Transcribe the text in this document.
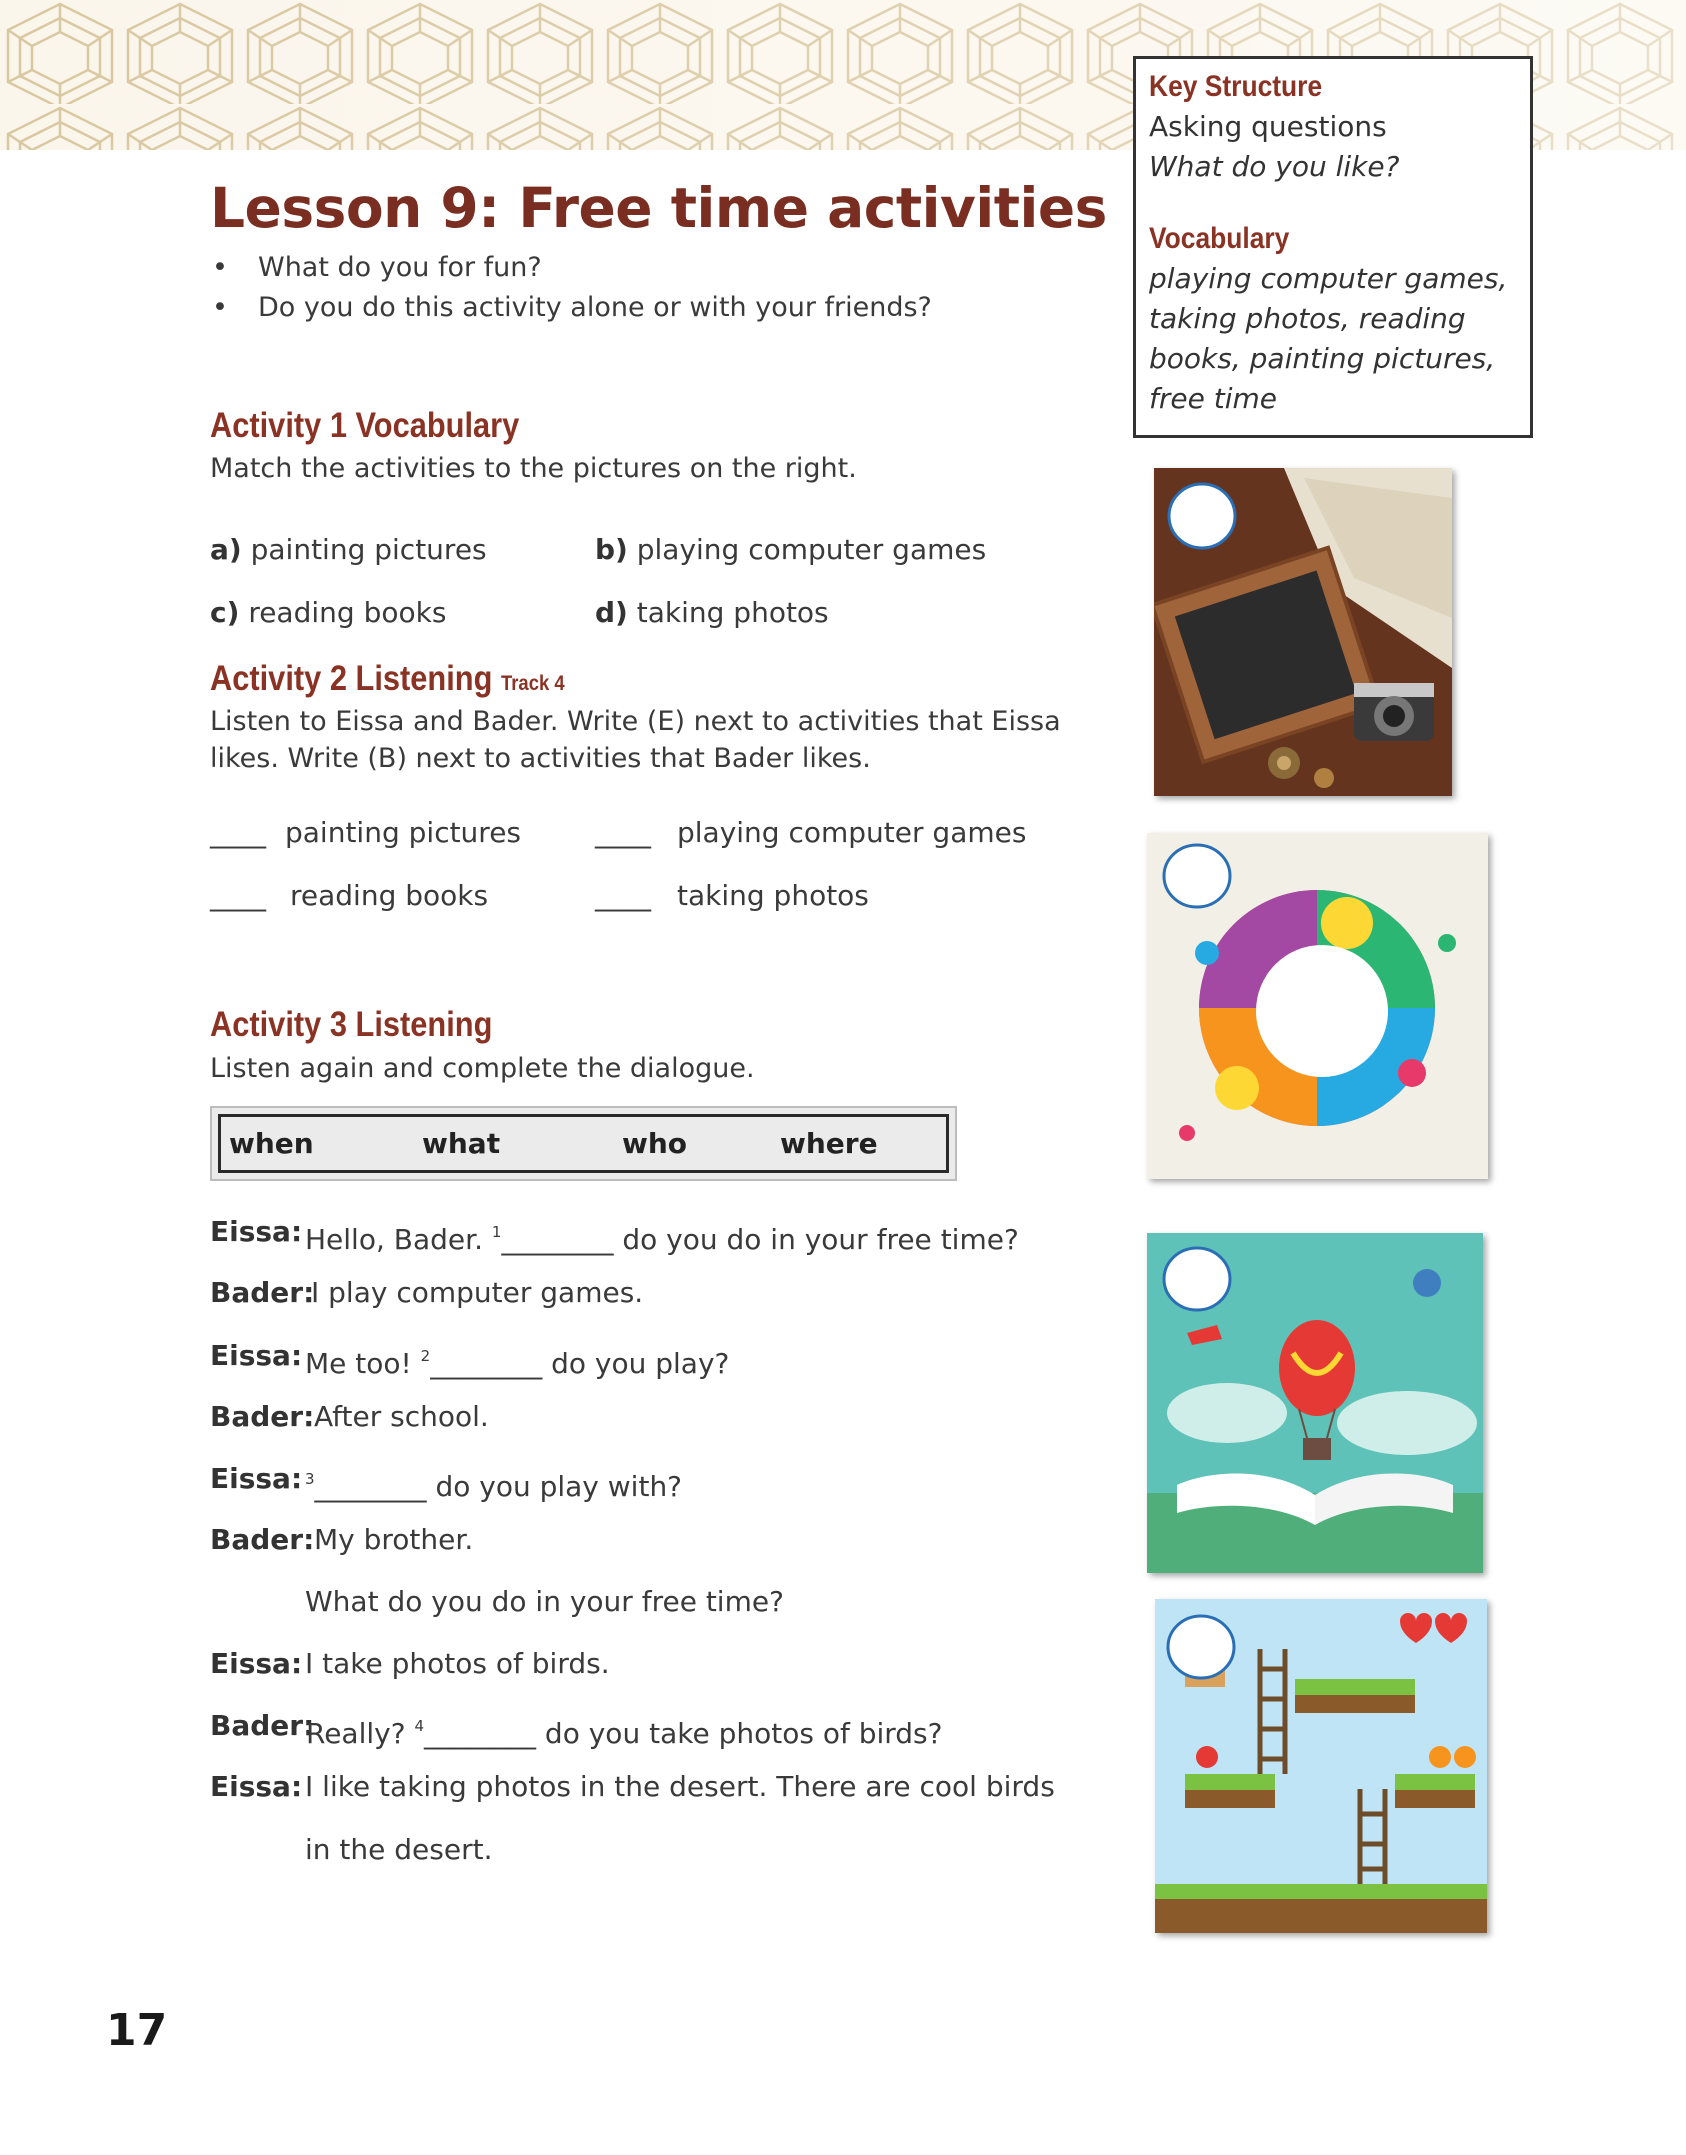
Key Structure
Asking questions
What do you like?
Vocabulary
playing computer games,
taking photos, reading
books, painting pictures,
free time
Lesson 9: Free time activities
•	What do you for fun?
•	Do you do this activity alone or with your friends?
Activity 1 Vocabulary
Match the activities to the pictures on the right.
a) painting pictures	b) playing computer games
c) reading books	d) taking photos
Activity 2 Listening Track 4
Listen to Eissa and Bader. Write (E) next to activities that Eissa
likes. Write (B) next to activities that Bader likes.
____ painting pictures	____ playing computer games
____ reading books	____ taking photos
Activity 3 Listening
Listen again and complete the dialogue.
when	what	who	where
Eissa: Hello, Bader. $^1$________ do you do in your free time?
Bader:
I play computer games.
Eissa: Me too! $^2$________ do you play?
Bader: After school.
Eissa: $^3$________ do you play with?
Bader: My brother.
What do you do in your free time?
Eissa: I take photos of birds.
Bader:
Really? $^4$________ do you take photos of birds?
Eissa: I like taking photos in the desert. There are cool birds
in the desert.
17
